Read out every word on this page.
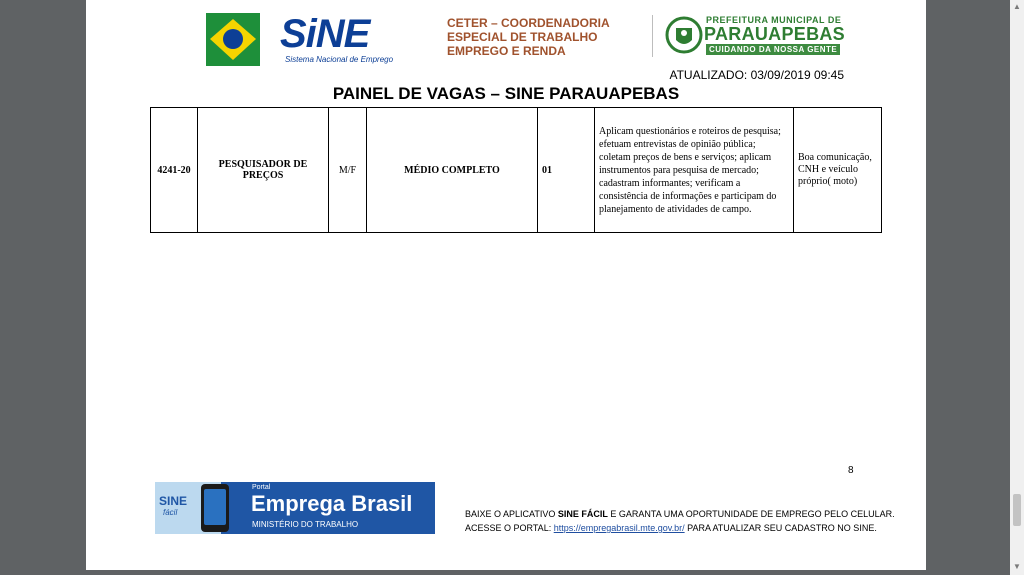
SiNE
Sistema Nacional de Emprego
CETER – COORDENADORIA
ESPECIAL DE TRABALHO
EMPREGO E RENDA
PREFEITURA MUNICIPAL DE
PARAUAPEBAS
CUIDANDO DA NOSSA GENTE
ATUALIZADO: 03/09/2019 09:45
PAINEL DE VAGAS – SINE PARAUAPEBAS
4241-20	PESQUISADOR DE PREÇOS	M/F	MÉDIO COMPLETO	01	Aplicam questionários e roteiros de pesquisa; efetuam entrevistas de opinião pública; coletam preços de bens e serviços; aplicam instrumentos para pesquisa de mercado; cadastram informantes; verificam a consistência de informações e participam do planejamento de atividades de campo.	Boa comunicação, CNH e veículo próprio( moto)
8
SINE
fácil
Portal
Emprega Brasil
MINISTÉRIO DO TRABALHO
BAIXE O APLICATIVO SINE FÁCIL E GARANTA UMA OPORTUNIDADE DE EMPREGO PELO CELULAR.
ACESSE O PORTAL: https://empregabrasil.mte.gov.br/ PARA ATUALIZAR SEU CADASTRO NO SINE.
▲
▼
